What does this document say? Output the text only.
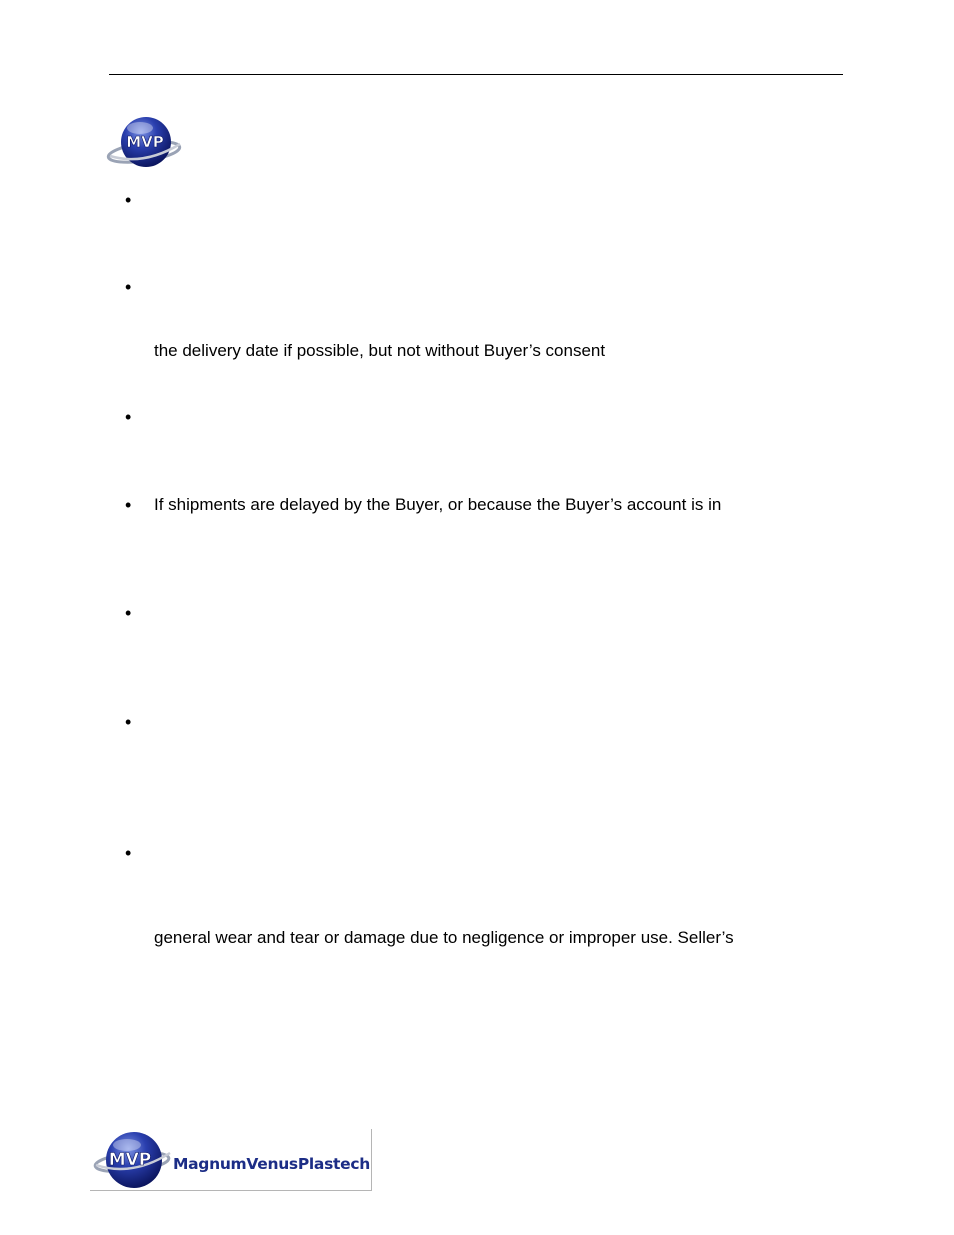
MVP
•
•
the delivery date if possible, but not without Buyer’s consent
•
• If shipments are delayed by the Buyer, or because the Buyer’s account is in
•
•
•
general wear and tear or damage due to negligence or improper use. Seller’s
MVP MagnumVenusPlastech
